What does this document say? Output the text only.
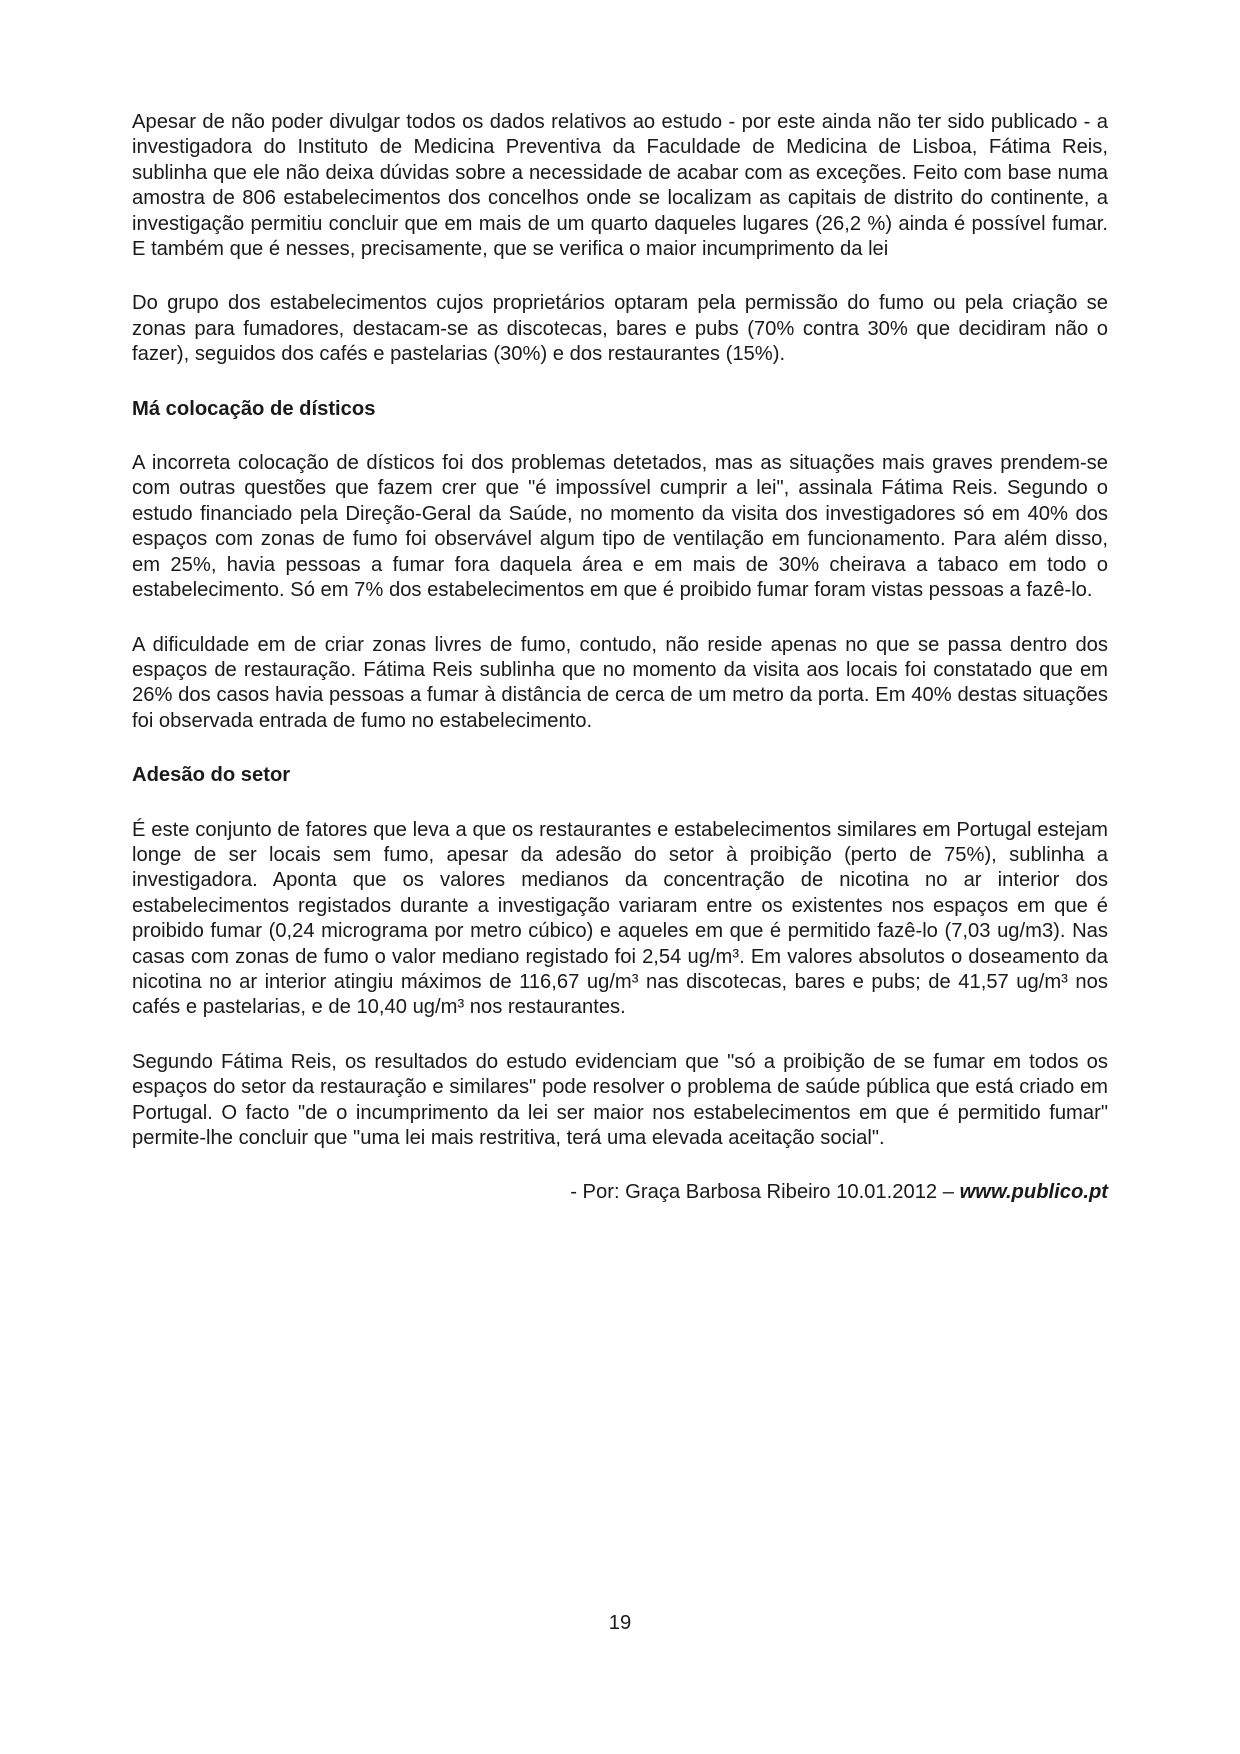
Apesar de não poder divulgar todos os dados relativos ao estudo - por este ainda não ter sido publicado - a investigadora do Instituto de Medicina Preventiva da Faculdade de Medicina de Lisboa, Fátima Reis, sublinha que ele não deixa dúvidas sobre a necessidade de acabar com as exceções. Feito com base numa amostra de 806 estabelecimentos dos concelhos onde se localizam as capitais de distrito do continente, a investigação permitiu concluir que em mais de um quarto daqueles lugares (26,2 %) ainda é possível fumar. E também que é nesses, precisamente, que se verifica o maior incumprimento da lei

Do grupo dos estabelecimentos cujos proprietários optaram pela permissão do fumo ou pela criação se zonas para fumadores, destacam-se as discotecas, bares e pubs (70% contra 30% que decidiram não o fazer), seguidos dos cafés e pastelarias (30%) e dos restaurantes (15%).

Má colocação de dísticos

A incorreta colocação de dísticos foi dos problemas detetados, mas as situações mais graves prendem-se com outras questões que fazem crer que "é impossível cumprir a lei", assinala Fátima Reis. Segundo o estudo financiado pela Direção-Geral da Saúde, no momento da visita dos investigadores só em 40% dos espaços com zonas de fumo foi observável algum tipo de ventilação em funcionamento. Para além disso, em 25%, havia pessoas a fumar fora daquela área e em mais de 30% cheirava a tabaco em todo o estabelecimento. Só em 7% dos estabelecimentos em que é proibido fumar foram vistas pessoas a fazê-lo.

A dificuldade em de criar zonas livres de fumo, contudo, não reside apenas no que se passa dentro dos espaços de restauração. Fátima Reis sublinha que no momento da visita aos locais foi constatado que em 26% dos casos havia pessoas a fumar à distância de cerca de um metro da porta. Em 40% destas situações foi observada entrada de fumo no estabelecimento.

Adesão do setor

É este conjunto de fatores que leva a que os restaurantes e estabelecimentos similares em Portugal estejam longe de ser locais sem fumo, apesar da adesão do setor à proibição (perto de 75%), sublinha a investigadora. Aponta que os valores medianos da concentração de nicotina no ar interior dos estabelecimentos registados durante a investigação variaram entre os existentes nos espaços em que é proibido fumar (0,24 micrograma por metro cúbico) e aqueles em que é permitido fazê-lo (7,03 ug/m3). Nas casas com zonas de fumo o valor mediano registado foi 2,54 ug/m³. Em valores absolutos o doseamento da nicotina no ar interior atingiu máximos de 116,67 ug/m³ nas discotecas, bares e pubs; de 41,57 ug/m³ nos cafés e pastelarias, e de 10,40 ug/m³ nos restaurantes.

Segundo Fátima Reis, os resultados do estudo evidenciam que "só a proibição de se fumar em todos os espaços do setor da restauração e similares" pode resolver o problema de saúde pública que está criado em Portugal. O facto "de o incumprimento da lei ser maior nos estabelecimentos em que é permitido fumar" permite-lhe concluir que "uma lei mais restritiva, terá uma elevada aceitação social".

- Por: Graça Barbosa Ribeiro 10.01.2012 – www.publico.pt

19
